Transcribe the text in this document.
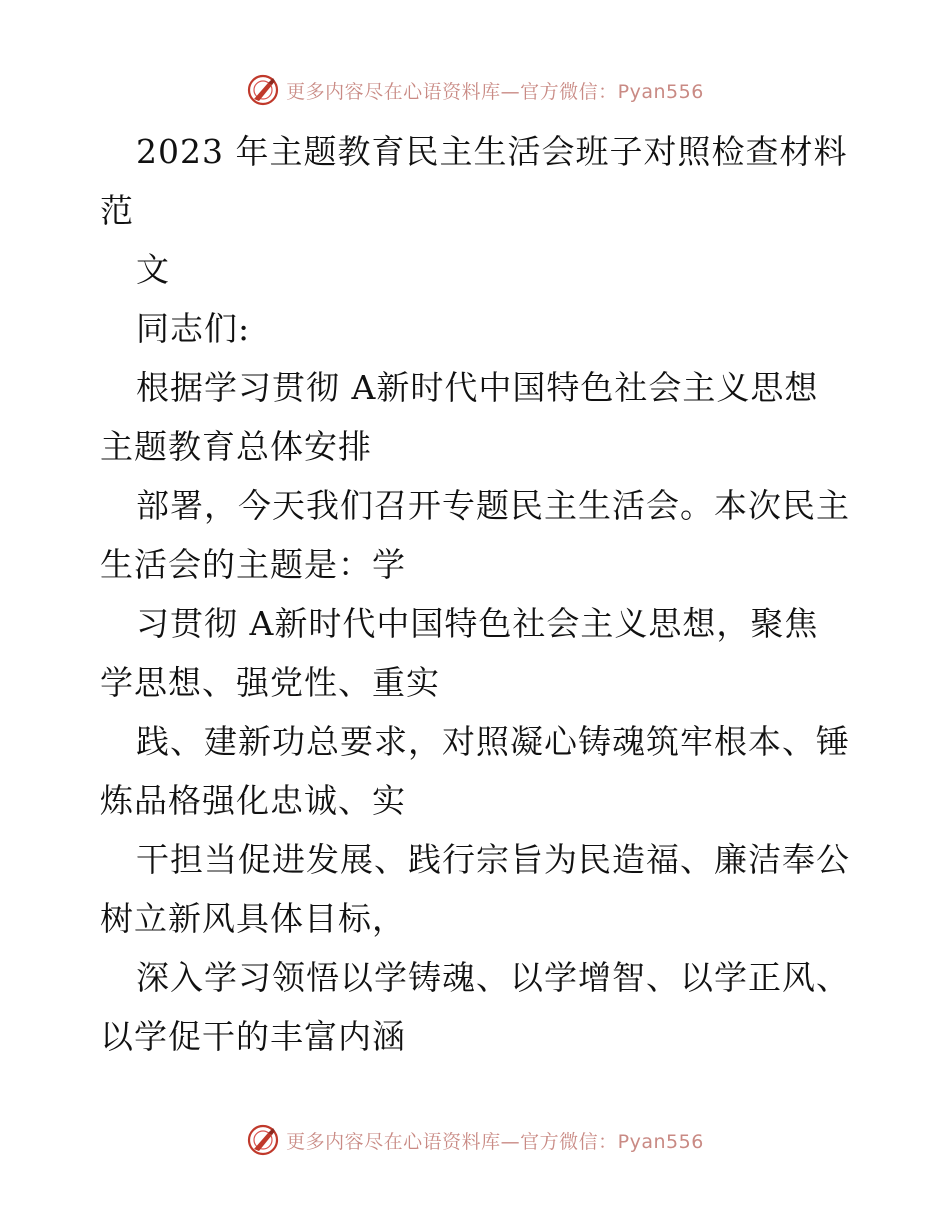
更多内容尽在心语资料库—官方微信：Pyan556
2023 年主题教育民主生活会班子对照检查材料
范
文
同志们:
根据学习贯彻 A新时代中国特色社会主义思想
主题教育总体安排
部署，今天我们召开专题民主生活会。本次民主
生活会的主题是：学
习贯彻 A新时代中国特色社会主义思想，聚焦
学思想、强党性、重实
践、建新功总要求，对照凝心铸魂筑牢根本、锤
炼品格强化忠诚、实
干担当促进发展、践行宗旨为民造福、廉洁奉公
树立新风具体目标，
深入学习领悟以学铸魂、以学增智、以学正风、
以学促干的丰富内涵
更多内容尽在心语资料库—官方微信：Pyan556
